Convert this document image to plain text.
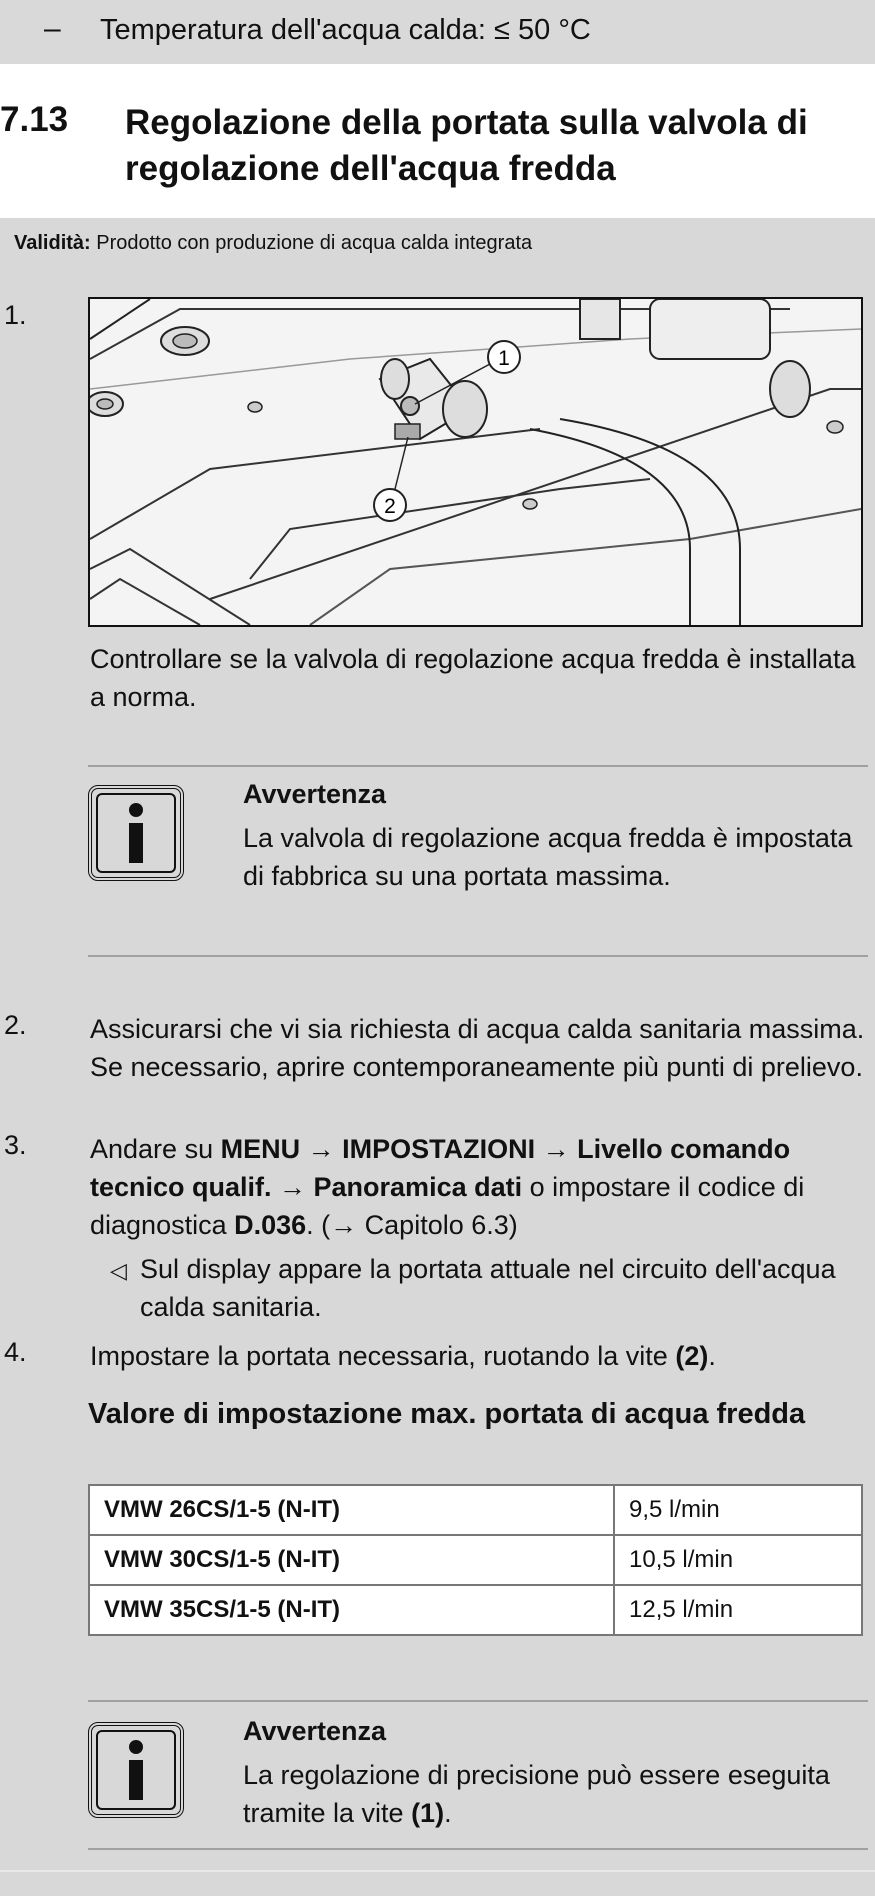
– Temperatura dell'acqua calda: ≤ 50 °C
7.13 Regolazione della portata sulla valvola di regolazione dell'acqua fredda
Validità: Prodotto con produzione di acqua calda integrata
1.
1
2
Controllare se la valvola di regolazione acqua fredda è installata a norma.
Avvertenza
La valvola di regolazione acqua fredda è impostata di fabbrica su una portata massima.
2. Assicurarsi che vi sia richiesta di acqua calda sanitaria massima. Se necessario, aprire contemporaneamente più punti di prelievo.
3. Andare su MENU → IMPOSTAZIONI → Livello comando tecnico qualif. → Panoramica dati o impostare il codice di diagnostica D.036. (→ Capitolo 6.3)
◁ Sul display appare la portata attuale nel circuito dell'acqua calda sanitaria.
4. Impostare la portata necessaria, ruotando la vite (2).
Valore di impostazione max. portata di acqua fredda
VMW 26CS/1-5 (N-IT)	9,5 l/min
VMW 30CS/1-5 (N-IT)	10,5 l/min
VMW 35CS/1-5 (N-IT)	12,5 l/min
Avvertenza
La regolazione di precisione può essere eseguita tramite la vite (1).
